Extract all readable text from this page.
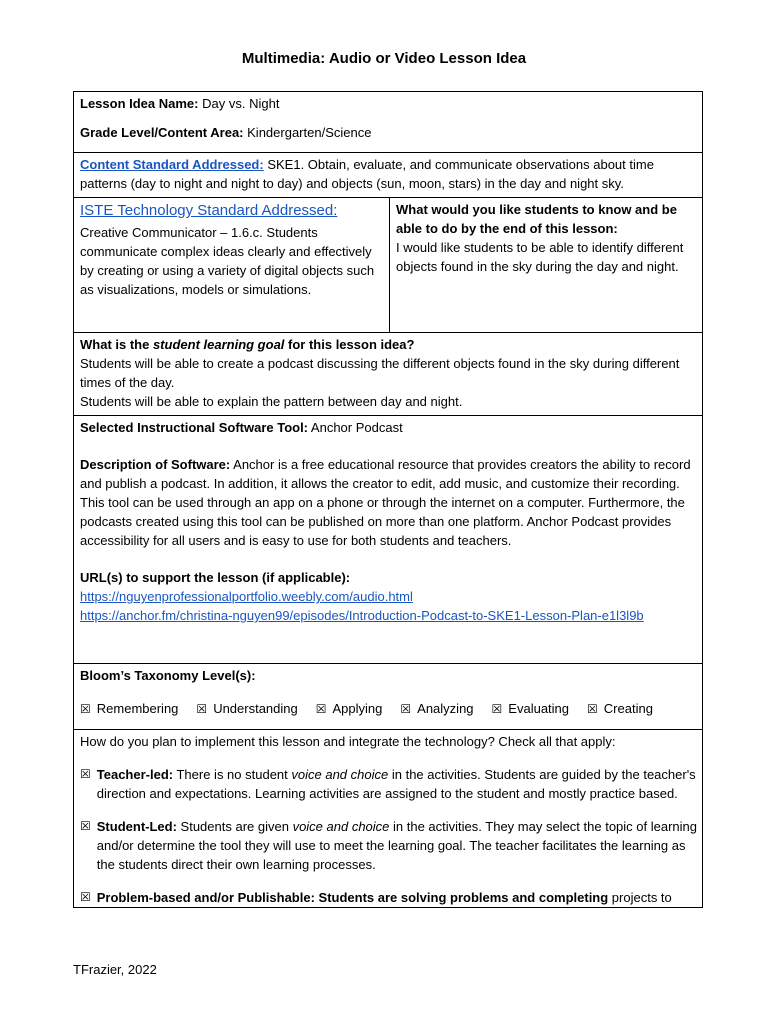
Multimedia: Audio or Video Lesson Idea
Lesson Idea Name: Day vs. Night
Grade Level/Content Area: Kindergarten/Science
Content Standard Addressed: SKE1. Obtain, evaluate, and communicate observations about time patterns (day to night and night to day) and objects (sun, moon, stars) in the day and night sky.
ISTE Technology Standard Addressed:
Creative Communicator – 1.6.c. Students communicate complex ideas clearly and effectively by creating or using a variety of digital objects such as visualizations, models or simulations.
What would you like students to know and be able to do by the end of this lesson:
I would like students to be able to identify different objects found in the sky during the day and night.
What is the student learning goal for this lesson idea?
Students will be able to create a podcast discussing the different objects found in the sky during different times of the day.
Students will be able to explain the pattern between day and night.
Selected Instructional Software Tool: Anchor Podcast
Description of Software: Anchor is a free educational resource that provides creators the ability to record and publish a podcast. In addition, it allows the creator to edit, add music, and customize their recording. This tool can be used through an app on a phone or through the internet on a computer. Furthermore, the podcasts created using this tool can be published on more than one platform. Anchor Podcast provides accessibility for all users and is easy to use for both students and teachers.
URL(s) to support the lesson (if applicable):
https://nguyenprofessionalportfolio.weebly.com/audio.html
https://anchor.fm/christina-nguyen99/episodes/Introduction-Podcast-to-SKE1-Lesson-Plan-e1l3l9b
Bloom’s Taxonomy Level(s):
☒ Remembering ☒ Understanding ☒ Applying ☒ Analyzing ☒ Evaluating ☒ Creating
How do you plan to implement this lesson and integrate the technology? Check all that apply:
☒ Teacher-led: There is no student voice and choice in the activities. Students are guided by the teacher's direction and expectations. Learning activities are assigned to the student and mostly practice based.
☒ Student-Led: Students are given voice and choice in the activities. They may select the topic of learning and/or determine the tool they will use to meet the learning goal. The teacher facilitates the learning as the students direct their own learning processes.
☒ Problem-based and/or Publishable: Students are solving problems and completing projects to
TFrazier, 2022
